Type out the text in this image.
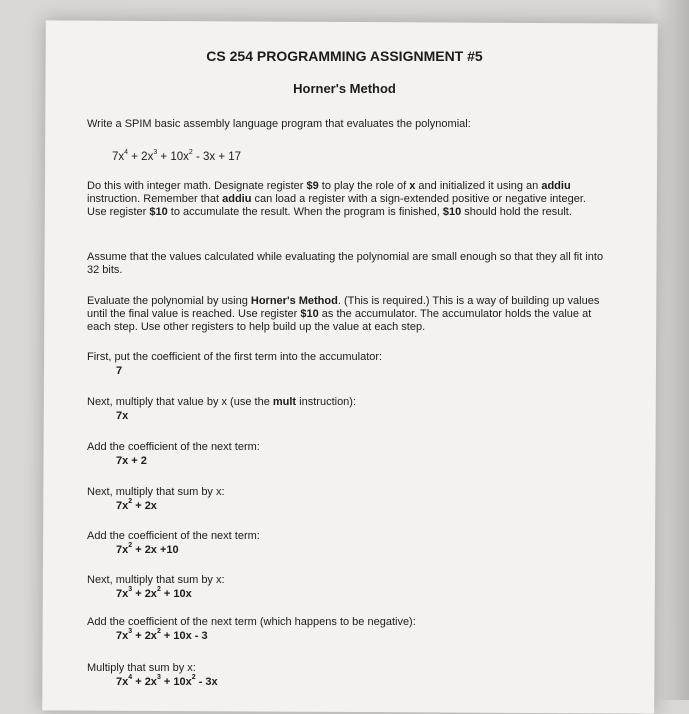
CS 254 PROGRAMMING ASSIGNMENT #5
Horner's Method
Write a SPIM basic assembly language program that evaluates the polynomial:
$7x^4 + 2x^3 + 10x^2 - 3x + 17$
Do this with integer math. Designate register $9 to play the role of x and initialized it using an addiu instruction. Remember that addiu can load a register with a sign-extended positive or negative integer. Use register $10 to accumulate the result. When the program is finished, $10 should hold the result.
Assume that the values calculated while evaluating the polynomial are small enough so that they all fit into 32 bits.
Evaluate the polynomial by using Horner's Method. (This is required.) This is a way of building up values until the final value is reached. Use register $10 as the accumulator. The accumulator holds the value at each step. Use other registers to help build up the value at each step.
First, put the coefficient of the first term into the accumulator:
7
Next, multiply that value by x (use the mult instruction):
7x
Add the coefficient of the next term:
7x + 2
Next, multiply that sum by x:
$7x^2 + 2x$
Add the coefficient of the next term:
$7x^2 + 2x +10$
Next, multiply that sum by x:
$7x^3 + 2x^2 + 10x$
Add the coefficient of the next term (which happens to be negative):
$7x^3 + 2x^2 + 10x - 3$
Multiply that sum by x:
$7x^4 + 2x^3 + 10x^2 - 3x$
